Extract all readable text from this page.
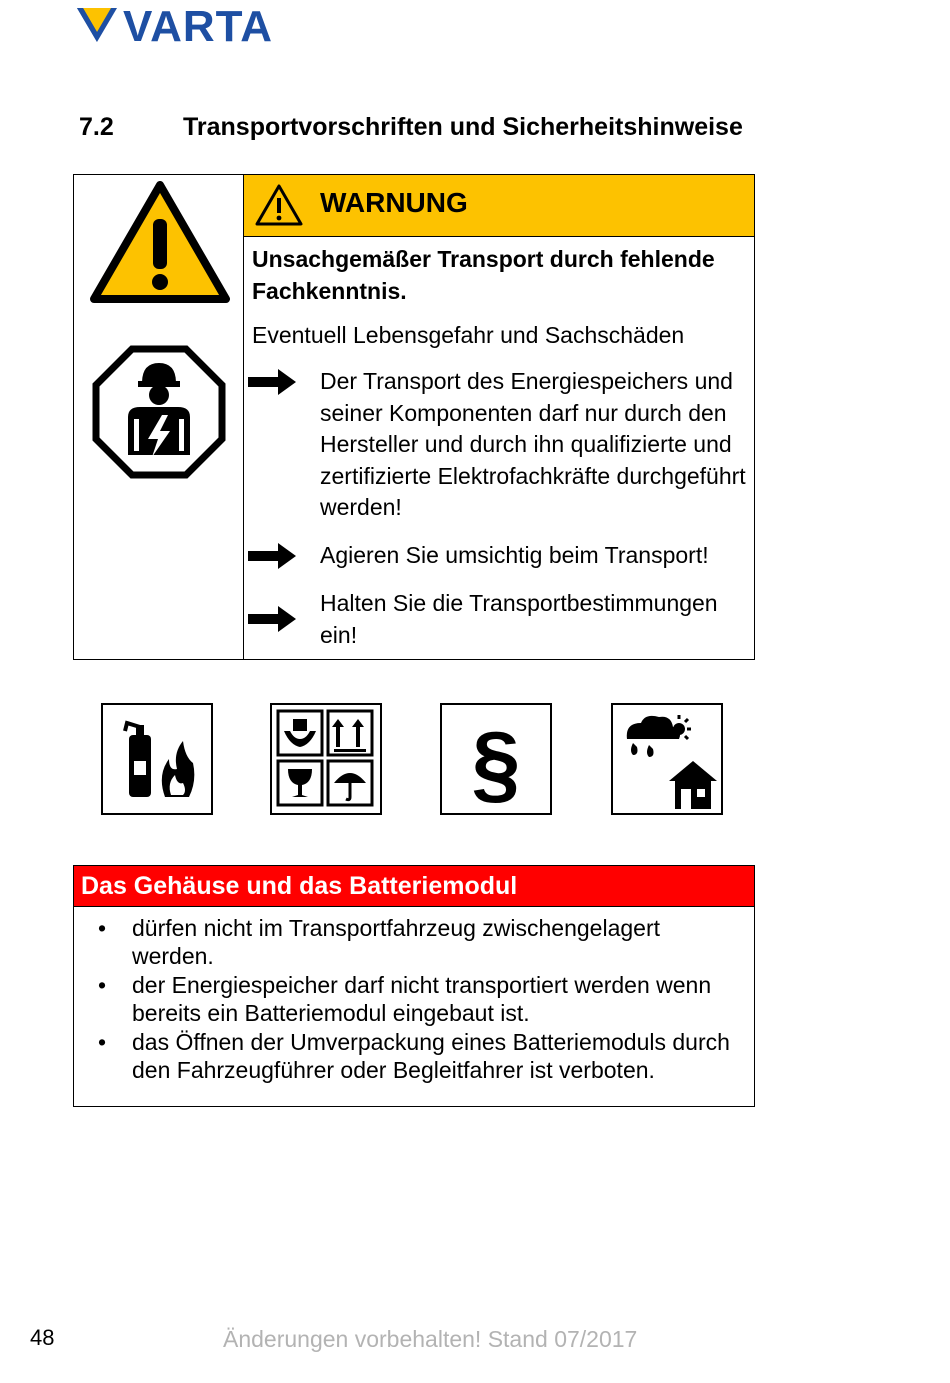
VARTA
7.2	Transportvorschriften und Sicherheitshinweise
WARNUNG
Unsachgemäßer Transport durch fehlende Fachkenntnis.
Eventuell Lebensgefahr und Sachschäden
Der Transport des Energiespeichers und seiner Komponenten darf nur durch den Hersteller und durch ihn qualifizierte und zertifizierte Elektrofachkräfte durchgeführt werden!
Agieren Sie umsichtig beim Transport!
Halten Sie die Transportbestimmungen ein!
§
Das Gehäuse und das Batteriemodul
• dürfen nicht im Transportfahrzeug zwischengelagert werden.
• der Energiespeicher darf nicht transportiert werden wenn bereits ein Batteriemodul eingebaut ist.
• das Öffnen der Umverpackung eines Batteriemoduls durch den Fahrzeugführer oder Begleitfahrer ist verboten.
48	Änderungen vorbehalten! Stand 07/2017
